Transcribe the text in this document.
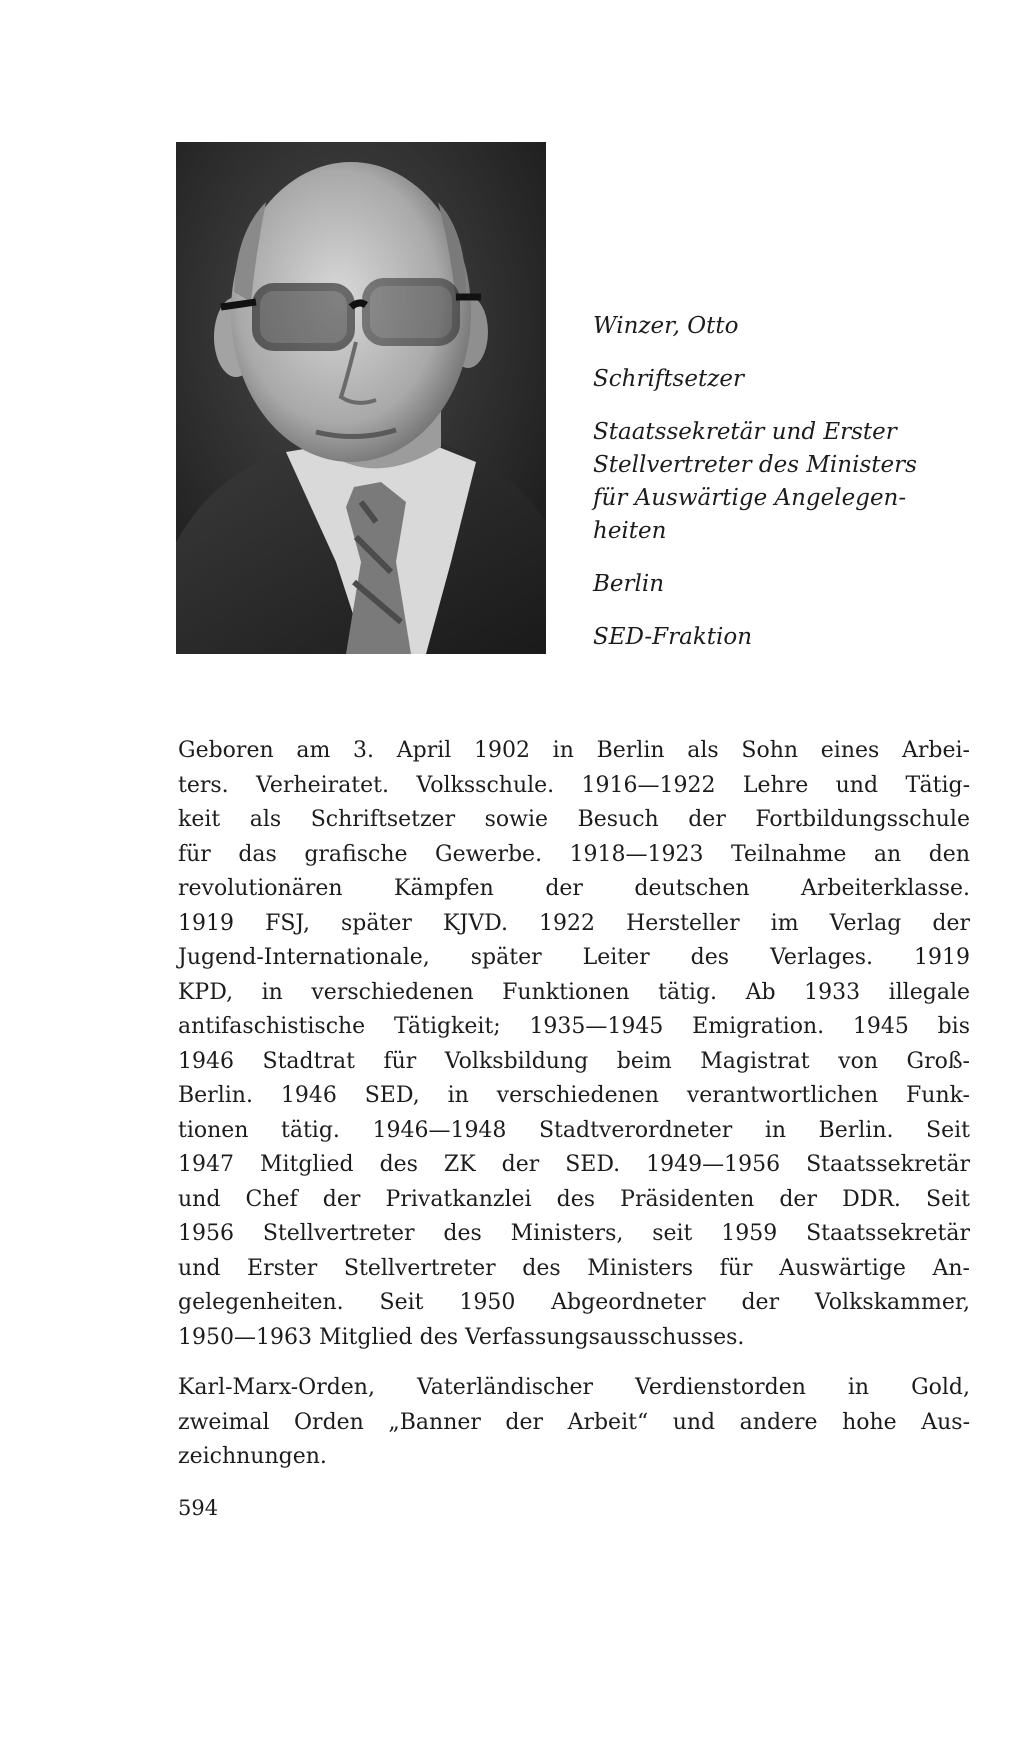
Winzer, Otto

Schriftsetzer

Staatssekretär und Erster
Stellvertreter des Ministers
für Auswärtige Angelegen-
heiten

Berlin

SED-Fraktion

Geboren am 3. April 1902 in Berlin als Sohn eines Arbei-
ters. Verheiratet. Volksschule. 1916—1922 Lehre und Tätig-
keit als Schriftsetzer sowie Besuch der Fortbildungsschule
für das grafische Gewerbe. 1918—1923 Teilnahme an den
revolutionären Kämpfen der deutschen Arbeiterklasse.
1919 FSJ, später KJVD. 1922 Hersteller im Verlag der
Jugend-Internationale, später Leiter des Verlages. 1919
KPD, in verschiedenen Funktionen tätig. Ab 1933 illegale
antifaschistische Tätigkeit; 1935—1945 Emigration. 1945 bis
1946 Stadtrat für Volksbildung beim Magistrat von Groß-
Berlin. 1946 SED, in verschiedenen verantwortlichen Funk-
tionen tätig. 1946—1948 Stadtverordneter in Berlin. Seit
1947 Mitglied des ZK der SED. 1949—1956 Staatssekretär
und Chef der Privatkanzlei des Präsidenten der DDR. Seit
1956 Stellvertreter des Ministers, seit 1959 Staatssekretär
und Erster Stellvertreter des Ministers für Auswärtige An-
gelegenheiten. Seit 1950 Abgeordneter der Volkskammer,
1950—1963 Mitglied des Verfassungsausschusses.
Karl-Marx-Orden, Vaterländischer Verdienstorden in Gold,
zweimal Orden „Banner der Arbeit“ und andere hohe Aus-
zeichnungen.
594
